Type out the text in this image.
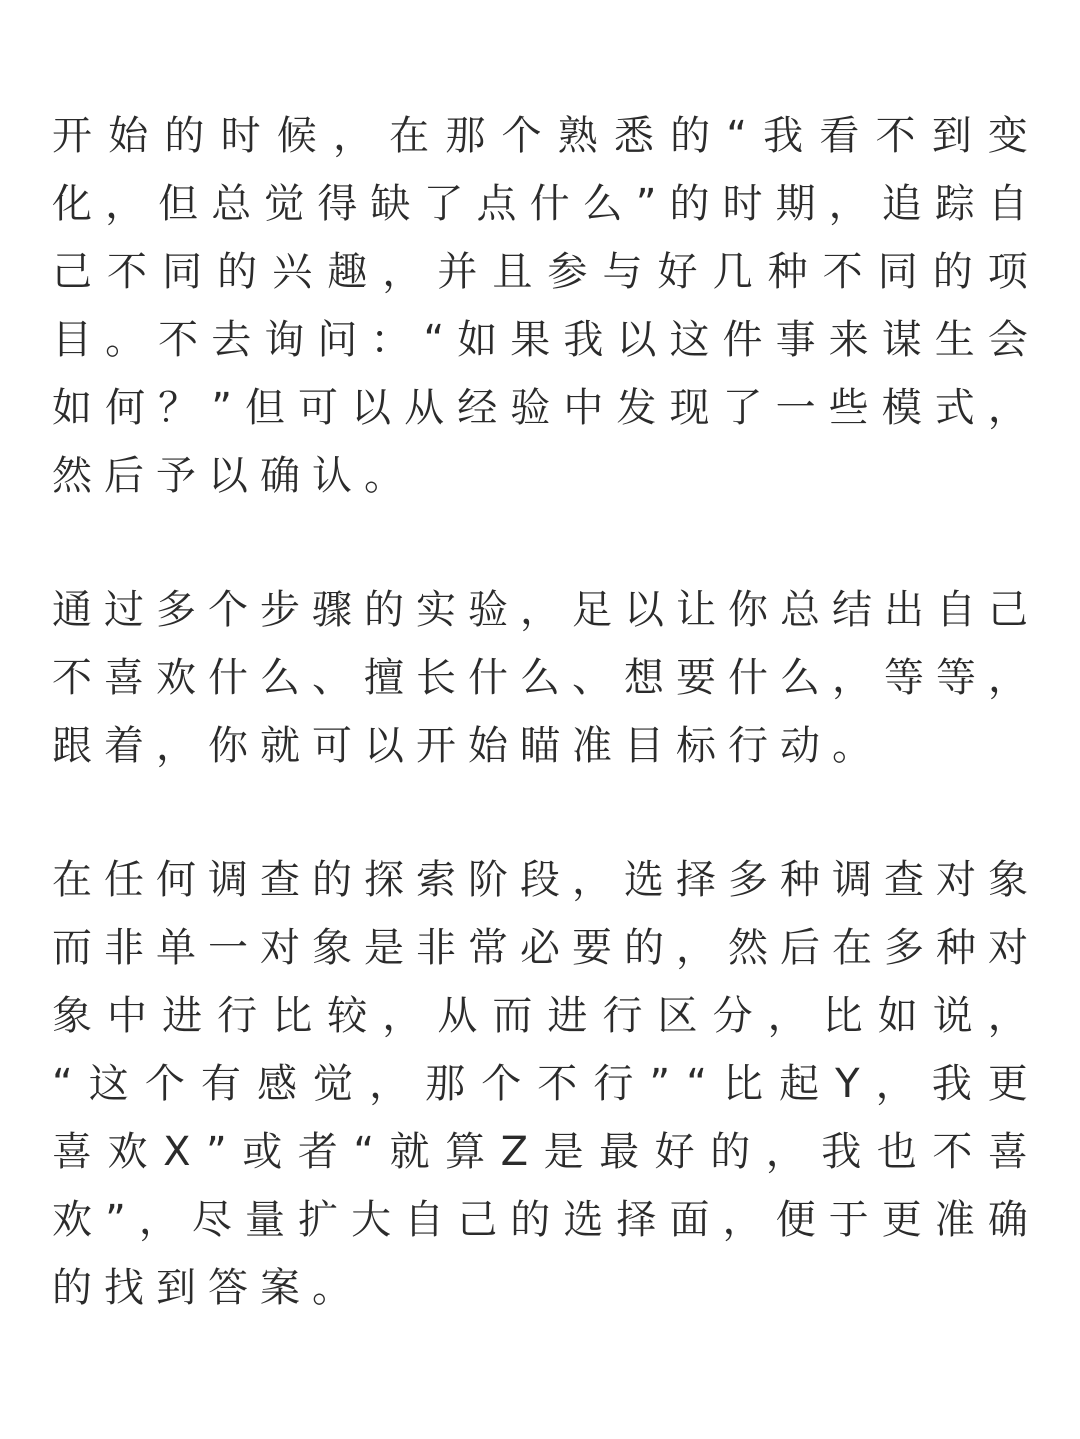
开 始 的 时 候 ， 在 那 个 熟 悉 的 “ 我 看 不 到 变
化 ， 但 总 觉 得 缺 了 点 什 么 ” 的 时 期 ， 追 踪 自
己 不 同 的 兴 趣 ， 并 且 参 与 好 几 种 不 同 的 项
目 。 不 去 询 问 ： “ 如 果 我 以 这 件 事 来 谋 生 会
如 何 ？ ” 但 可 以 从 经 验 中 发 现 了 一 些 模 式 ，
然后予以确认。
通 过 多 个 步 骤 的 实 验 ， 足 以 让 你 总 结 出 自 己
不 喜 欢 什 么 、 擅 长 什 么 、 想 要 什 么 ， 等 等 ，
跟着，你就可以开始瞄准目标行动。
在 任 何 调 查 的 探 索 阶 段 ， 选 择 多 种 调 查 对 象
而 非 单 一 对 象 是 非 常 必 要 的 ， 然 后 在 多 种 对
象 中 进 行 比 较 ， 从 而 进 行 区 分 ， 比 如 说 ，
“ 这 个 有 感 觉 ， 那 个 不 行 ” “ 比 起 Y ， 我 更
喜 欢 X ” 或 者 “ 就 算 Z 是 最 好 的 ， 我 也 不 喜
欢 ” ， 尽 量 扩 大 自 己 的 选 择 面 ， 便 于 更 准 确
的找到答案。
